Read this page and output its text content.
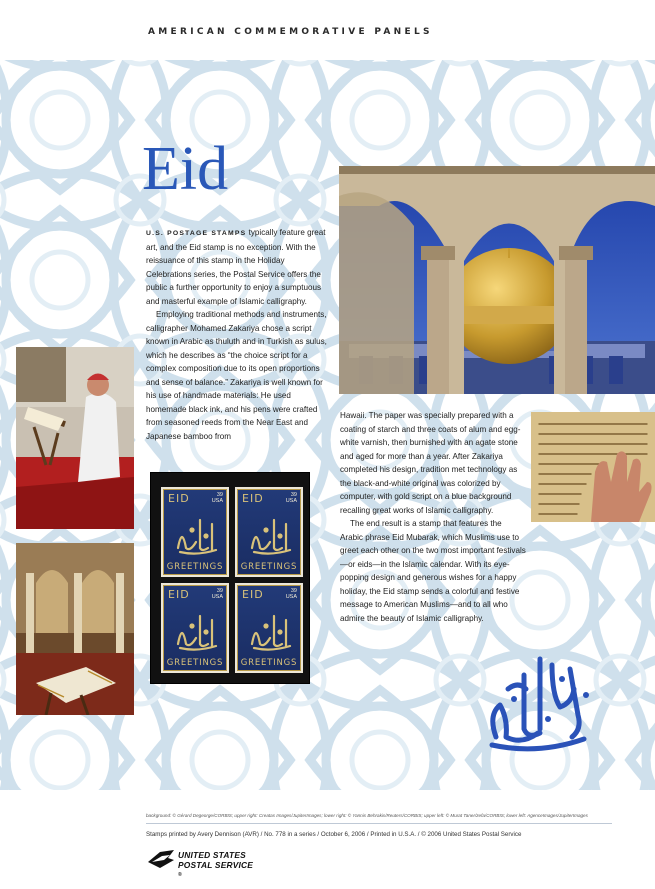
AMERICAN COMMEMORATIVE PANELS
Eid

U.S. POSTAGE STAMPS typically feature great art, and the Eid stamp is no exception. With the reissuance of this stamp in the Holiday Celebrations series, the Postal Service offers the public a further opportunity to enjoy a sumptuous and masterful example of Islamic calligraphy.

Employing traditional methods and instruments, calligrapher Mohamed Zakariya chose a script known in Arabic as thuluth and in Turkish as sulus, which he describes as “the choice script for a complex composition due to its open proportions and sense of balance.” Zakariya is well known for his use of handmade materials: He used homemade black ink, and his pens were crafted from seasoned reeds from the Near East and Japanese bamboo from

Hawaii. The paper was specially prepared with a coating of starch and three coats of alum and egg-white varnish, then burnished with an agate stone and aged for more than a year. After Zakariya completed his design, tradition met technology as the black-and-white original was colorized by computer, with gold script on a blue background recalling great works of Islamic calligraphy.

The end result is a stamp that features the Arabic phrase Eid Mubarak, which Muslims use to greet each other on the two most important festivals—or eids—in the Islamic calendar. With its eye-popping design and generous wishes for a happy holiday, the Eid stamp sends a colorful and festive message to American Muslims—and to all who admire the beauty of Islamic calligraphy.

EID	39
USA
GREETINGS
EID	39
USA
GREETINGS
EID	39
USA
GREETINGS
EID	39
USA
GREETINGS
background: © Gérard Degeorge/CORBIS; upper right: Creatas Images/JupiterImages; lower right: © Yannis Behrakis/Reuters/CORBIS; upper left: © Murat Taner/zefa/CORBIS; lower left: AgenceImages/JupiterImages
Stamps printed by Avery Dennison (AVR) / No. 778 in a series / October 6, 2006 / Printed in U.S.A. / © 2006 United States Postal Service
UNITED STATES
POSTAL SERVICE
®
